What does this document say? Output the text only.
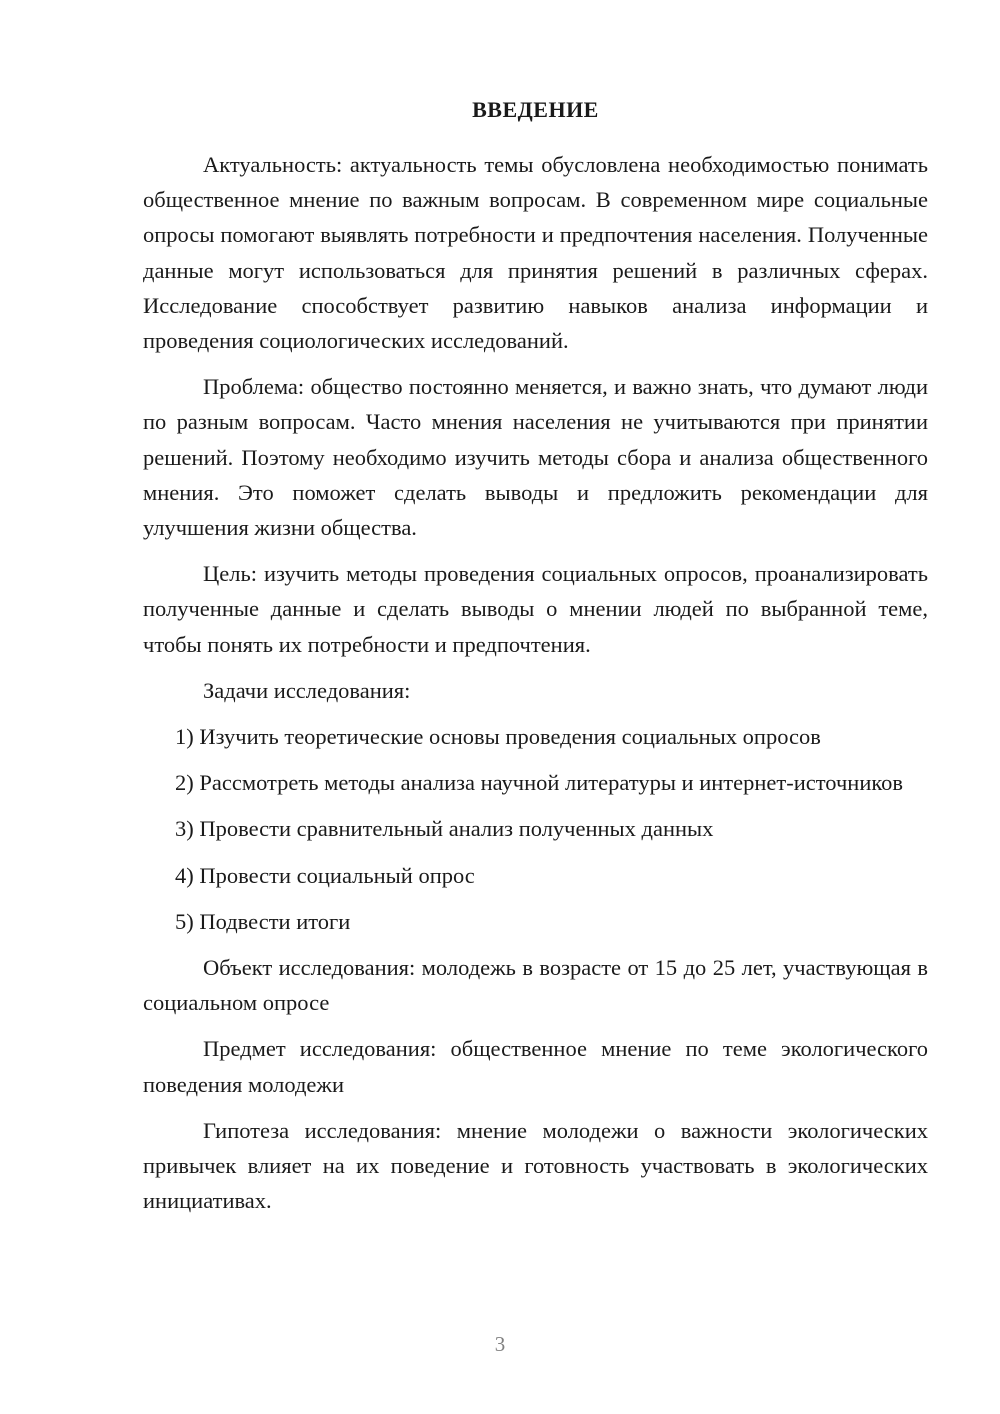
ВВЕДЕНИЕ

Актуальность: актуальность темы обусловлена необходимостью понимать общественное мнение по важным вопросам. В современном мире социальные опросы помогают выявлять потребности и предпочтения населения. Полученные данные могут использоваться для принятия решений в различных сферах. Исследование способствует развитию навыков анализа информации и проведения социологических исследований.

Проблема: общество постоянно меняется, и важно знать, что думают люди по разным вопросам. Часто мнения населения не учитываются при принятии решений. Поэтому необходимо изучить методы сбора и анализа общественного мнения. Это поможет сделать выводы и предложить рекомендации для улучшения жизни общества.

Цель: изучить методы проведения социальных опросов, проанализировать полученные данные и сделать выводы о мнении людей по выбранной теме, чтобы понять их потребности и предпочтения.

Задачи исследования:

1) Изучить теоретические основы проведения социальных опросов

2) Рассмотреть методы анализа научной литературы и интернет-источников

3) Провести сравнительный анализ полученных данных

4) Провести социальный опрос

5) Подвести итоги

Объект исследования: молодежь в возрасте от 15 до 25 лет, участвующая в социальном опросе

Предмет исследования: общественное мнение по теме экологического поведения молодежи

Гипотеза исследования: мнение молодежи о важности экологических привычек влияет на их поведение и готовность участвовать в экологических инициативах.

3
